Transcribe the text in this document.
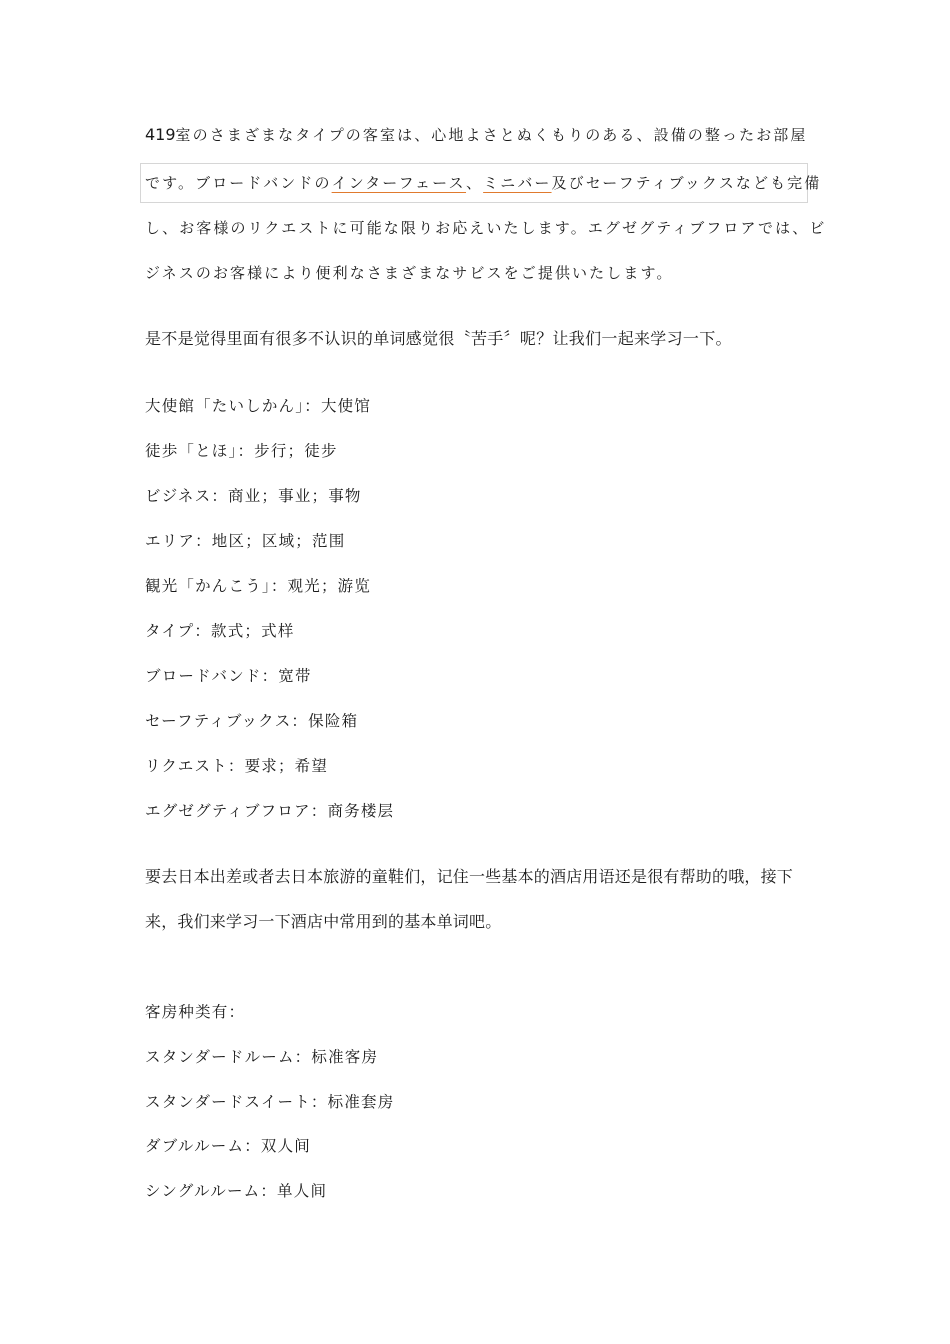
419室のさまざまなタイプの客室は、心地よさとぬくもりのある、設備の整ったお部屋
です。ブロードバンドのインターフェース、ミニバー及びセーフティブックスなども完備
し、お客様のリクエストに可能な限りお応えいたします。エグゼグティブフロアでは、ビ
ジネスのお客様により便利なさまざまなサビスをご提供いたします。
是不是觉得里面有很多不认识的单词感觉很〝苦手〞呢？让我们一起来学习一下。
大使館「たいしかん」：大使馆
徒歩「とほ」：步行；徒步
ビジネス：商业；事业；事物
エリア：地区；区域；范围
観光「かんこう」：观光；游览
タイプ：款式；式样
ブロードバンド：宽带
セーフティブックス：保险箱
リクエスト：要求；希望
エグゼグティブフロア：商务楼层
要去日本出差或者去日本旅游的童鞋们，记住一些基本的酒店用语还是很有帮助的哦，接下
来，我们来学习一下酒店中常用到的基本单词吧。
客房种类有：
スタンダードルーム：标准客房
スタンダードスイート：标准套房
ダブルルーム：双人间
シングルルーム：单人间
